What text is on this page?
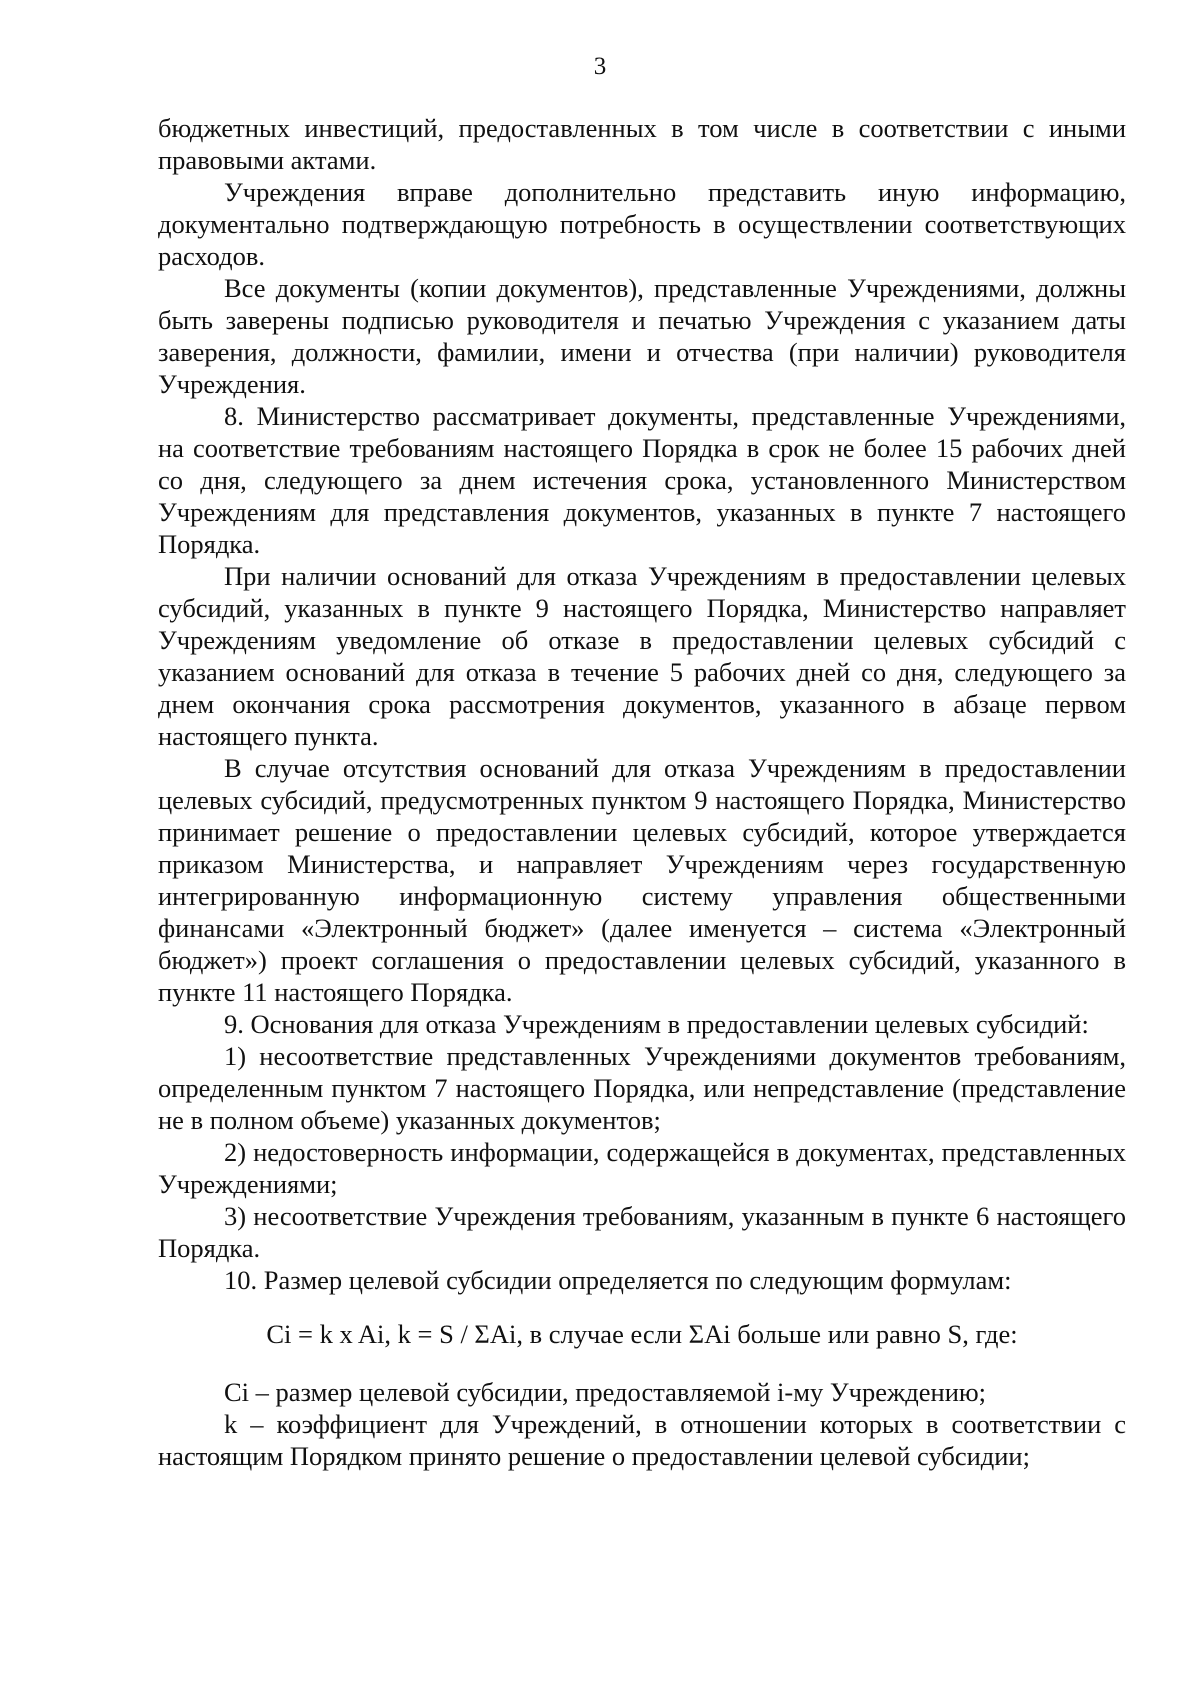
3

бюджетных инвестиций, предоставленных в том числе в соответствии с иными правовыми актами.

Учреждения вправе дополнительно представить иную информацию, документально подтверждающую потребность в осуществлении соответствующих расходов.

Все документы (копии документов), представленные Учреждениями, должны быть заверены подписью руководителя и печатью Учреждения с указанием даты заверения, должности, фамилии, имени и отчества (при наличии) руководителя Учреждения.

8. Министерство рассматривает документы, представленные Учреждениями, на соответствие требованиям настоящего Порядка в срок не более 15 рабочих дней со дня, следующего за днем истечения срока, установленного Министерством Учреждениям для представления документов, указанных в пункте 7 настоящего Порядка.

При наличии оснований для отказа Учреждениям в предоставлении целевых субсидий, указанных в пункте 9 настоящего Порядка, Министерство направляет Учреждениям уведомление об отказе в предоставлении целевых субсидий с указанием оснований для отказа в течение 5 рабочих дней со дня, следующего за днем окончания срока рассмотрения документов, указанного в абзаце первом настоящего пункта.

В случае отсутствия оснований для отказа Учреждениям в предоставлении целевых субсидий, предусмотренных пунктом 9 настоящего Порядка, Министерство принимает решение о предоставлении целевых субсидий, которое утверждается приказом Министерства, и направляет Учреждениям через государственную интегрированную информационную систему управления общественными финансами «Электронный бюджет» (далее именуется – система «Электронный бюджет») проект соглашения о предоставлении целевых субсидий, указанного в пункте 11 настоящего Порядка.

9. Основания для отказа Учреждениям в предоставлении целевых субсидий:

1) несоответствие представленных Учреждениями документов требованиям, определенным пунктом 7 настоящего Порядка, или непредставление (представление не в полном объеме) указанных документов;

2) недостоверность информации, содержащейся в документах, представленных Учреждениями;

3) несоответствие Учреждения требованиям, указанным в пункте 6 настоящего Порядка.

10. Размер целевой субсидии определяется по следующим формулам:

Ci = k x Ai, k = S / ΣAi, в случае если ΣAi больше или равно S, где:

Ci – размер целевой субсидии, предоставляемой i-му Учреждению;

k – коэффициент для Учреждений, в отношении которых в соответствии с настоящим Порядком принято решение о предоставлении целевой субсидии;
